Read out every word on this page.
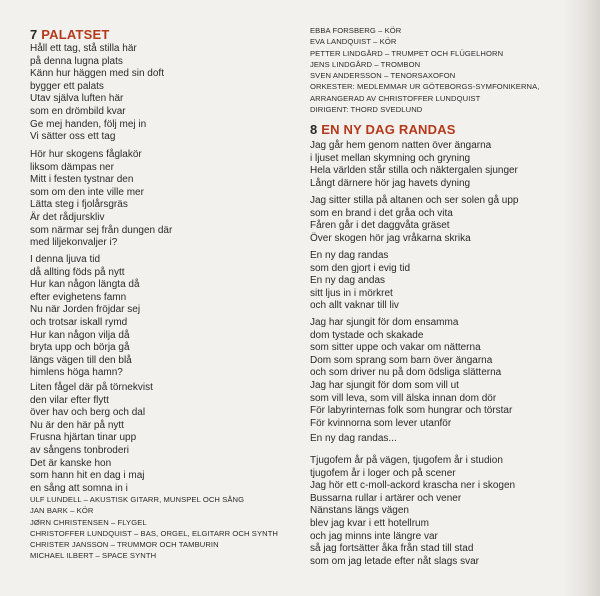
7 PALATSET
Håll ett tag, stå stilla här
på denna lugna plats
Känn hur häggen med sin doft
bygger ett palats
Utav själva luften här
som en drömbild kvar
Ge mej handen, följ mej in
Vi sätter oss ett tag
Hör hur skogens fåglakör
liksom dämpas ner
Mitt i festen tystnar den
som om den inte ville mer
Lätta steg i fjolårsgräs
Är det rådjurskliv
som närmar sej från dungen där
med liljekonvaljer i?
I denna ljuva tid
då allting föds på nytt
Hur kan någon längta då
efter evighetens famn
Nu när Jorden fröjdar sej
och trotsar iskall rymd
Hur kan någon vilja då
bryta upp och börja gå
längs vägen till den blå
himlens höga hamn?
Liten fågel där på törnekvist
den vilar efter flytt
över hav och berg och dal
Nu är den här på nytt
Frusna hjärtan tinar upp
av sångens tonbroderi
Det är kanske hon
som hann hit en dag i maj
en sång att somna in i
ULF LUNDELL – AKUSTISK GITARR, MUNSPEL OCH SÅNG
JAN BARK – KÖR
JØRN CHRISTENSEN – FLYGEL
CHRISTOFFER LUNDQUIST – BAS, ORGEL, ELGITARR OCH SYNTH
CHRISTER JANSSON – TRUMMOR OCH TAMBURIN
MICHAEL ILBERT – SPACE SYNTH
EBBA FORSBERG – KÖR
EVA LANDQUIST – KÖR
PETTER LINDGÅRD – TRUMPET OCH FLÜGELHORN
JENS LINDGÅRD – TROMBON
SVEN ANDERSSON – TENORSAXOFON
ORKESTER: MEDLEMMAR UR GÖTEBORGS-SYMFONIKERNA,
ARRANGERAD AV CHRISTOFFER LUNDQUIST
DIRIGENT: THORD SVEDLUND
8 EN NY DAG RANDAS
Jag går hem genom natten över ängarna
i ljuset mellan skymning och gryning
Hela världen står stilla och näktergalen sjunger
Långt därnere hör jag havets dyning
Jag sitter stilla på altanen och ser solen gå upp
som en brand i det gråa och vita
Fåren går i det daggvåta gräset
Över skogen hör jag vråkarna skrika
En ny dag randas
som den gjort i evig tid
En ny dag andas
sitt ljus in i mörkret
och allt vaknar till liv
Jag har sjungit för dom ensamma
dom tystade och skakade
som sitter uppe och vakar om nätterna
Dom som sprang som barn över ängarna
och som driver nu på dom ödsliga slätterna
Jag har sjungit för dom som vill ut
som vill leva, som vill älska innan dom dör
För labyrinternas folk som hungrar och törstar
För kvinnorna som lever utanför
En ny dag randas...
Tjugofem år på vägen, tjugofem år i studion
tjugofem år i loger och på scener
Jag hör ett c-moll-ackord krascha ner i skogen
Bussarna rullar i artärer och vener
Nänstans längs vägen
blev jag kvar i ett hotellrum
och jag minns inte längre var
så jag fortsätter åka från stad till stad
som om jag letade efter nåt slags svar
